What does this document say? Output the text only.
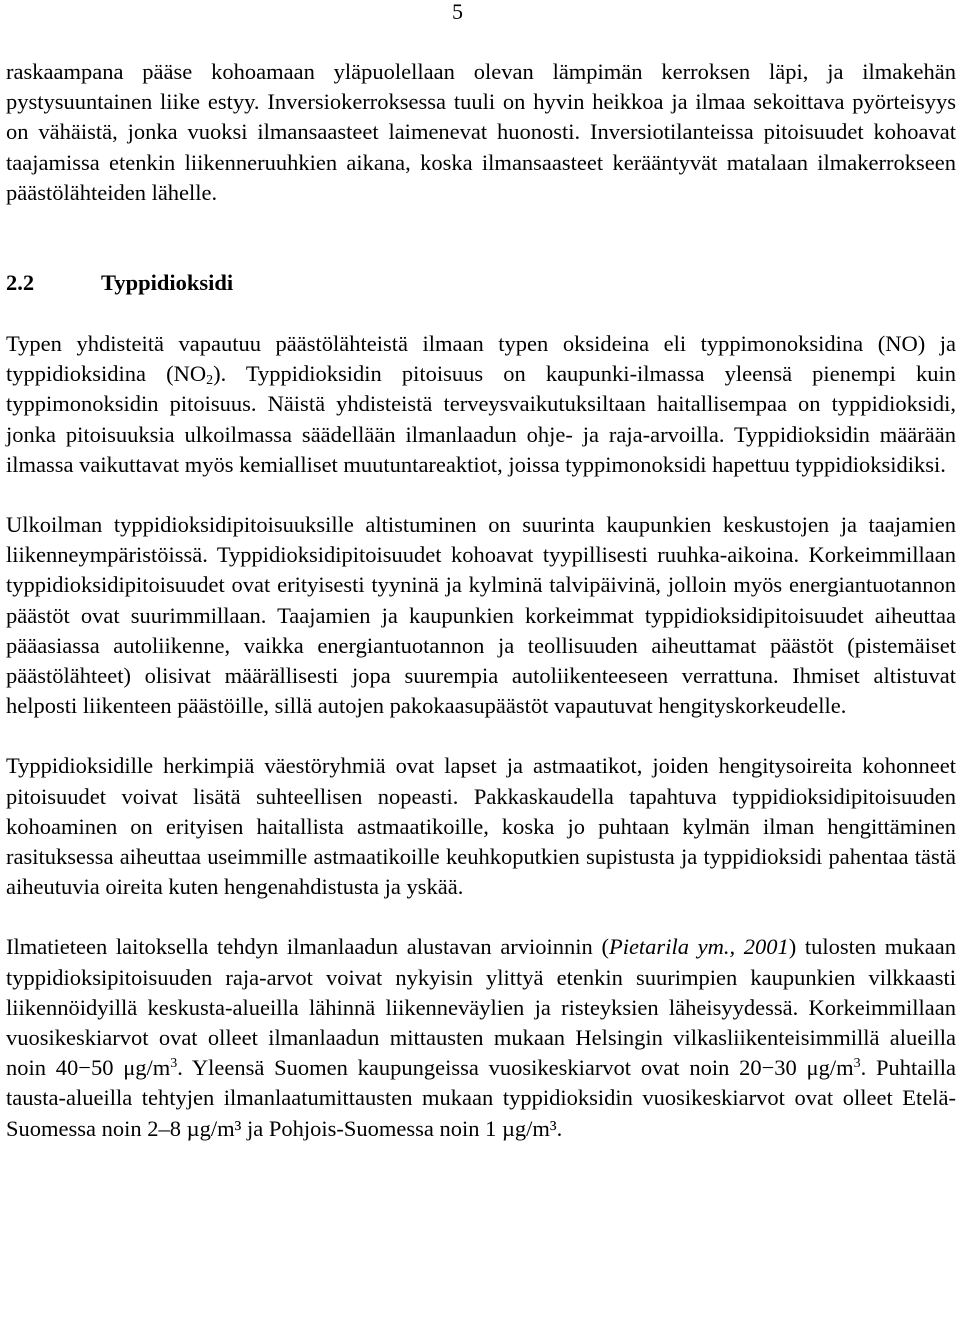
5

raskaampana pääse kohoamaan yläpuolellaan olevan lämpimän kerroksen läpi, ja ilmakehän pystysuuntainen liike estyy. Inversiokerroksessa tuuli on hyvin heikkoa ja ilmaa sekoittava pyörteisyys on vähäistä, jonka vuoksi ilmansaasteet laimenevat huonosti. Inversiotilanteissa pitoisuudet kohoavat taajamissa etenkin liikenneruuhkien aikana, koska ilmansaasteet kerääntyvät matalaan ilmakerrokseen päästölähteiden lähelle.

2.2	Typpidioksidi

Typen yhdisteitä vapautuu päästölähteistä ilmaan typen oksideina eli typpimonoksidina (NO) ja typpidioksidina $(NO_2)$. Typpidioksidin pitoisuus on kaupunki-ilmassa yleensä pienempi kuin typpimonoksidin pitoisuus. Näistä yhdisteistä terveysvaikutuksiltaan haitallisempaa on typpidioksidi, jonka pitoisuuksia ulkoilmassa säädellään ilmanlaadun ohje- ja raja-arvoilla. Typpidioksidin määrään ilmassa vaikuttavat myös kemialliset muutuntareaktiot, joissa typpimonoksidi hapettuu typpidioksidiksi.

Ulkoilman typpidioksidipitoisuuksille altistuminen on suurinta kaupunkien keskustojen ja taajamien liikenneympäristöissä. Typpidioksidipitoisuudet kohoavat tyypillisesti ruuhka-aikoina. Korkeimmillaan typpidioksidipitoisuudet ovat erityisesti tyyninä ja kylminä talvipäivinä, jolloin myös energiantuotannon päästöt ovat suurimmillaan. Taajamien ja kaupunkien korkeimmat typpidioksidipitoisuudet aiheuttaa pääasiassa autoliikenne, vaikka energiantuotannon ja teollisuuden aiheuttamat päästöt (pistemäiset päästölähteet) olisivat määrällisesti jopa suurempia autoliikenteeseen verrattuna. Ihmiset altistuvat helposti liikenteen päästöille, sillä autojen pakokaasupäästöt vapautuvat hengityskorkeudelle.

Typpidioksidille herkimpiä väestöryhmiä ovat lapset ja astmaatikot, joiden hengitysoireita kohonneet pitoisuudet voivat lisätä suhteellisen nopeasti. Pakkaskaudella tapahtuva typpidioksidipitoisuuden kohoaminen on erityisen haitallista astmaatikoille, koska jo puhtaan kylmän ilman hengittäminen rasituksessa aiheuttaa useimmille astmaatikoille keuhkoputkien supistusta ja typpidioksidi pahentaa tästä aiheutuvia oireita kuten hengenahdistusta ja yskää.

Ilmatieteen laitoksella tehdyn ilmanlaadun alustavan arvioinnin (Pietarila ym., 2001) tulosten mukaan typpidioksipitoisuuden raja-arvot voivat nykyisin ylittyä etenkin suurimpien kaupunkien vilkkaasti liikennöidyillä keskusta-alueilla lähinnä liikenneväylien ja risteyksien läheisyydessä. Korkeimmillaan vuosikeskiarvot ovat olleet ilmanlaadun mittausten mukaan Helsingin vilkasliikenteisimmillä alueilla noin 40−50 $\mu g/m^3$. Yleensä Suomen kaupungeissa vuosikeskiarvot ovat noin 20−30 $\mu g/m^3$. Puhtailla tausta-alueilla tehtyjen ilmanlaatumittausten mukaan typpidioksidin vuosikeskiarvot ovat olleet Etelä-Suomessa noin 2–8 µg/m³ ja Pohjois-Suomessa noin 1 µg/m³.
